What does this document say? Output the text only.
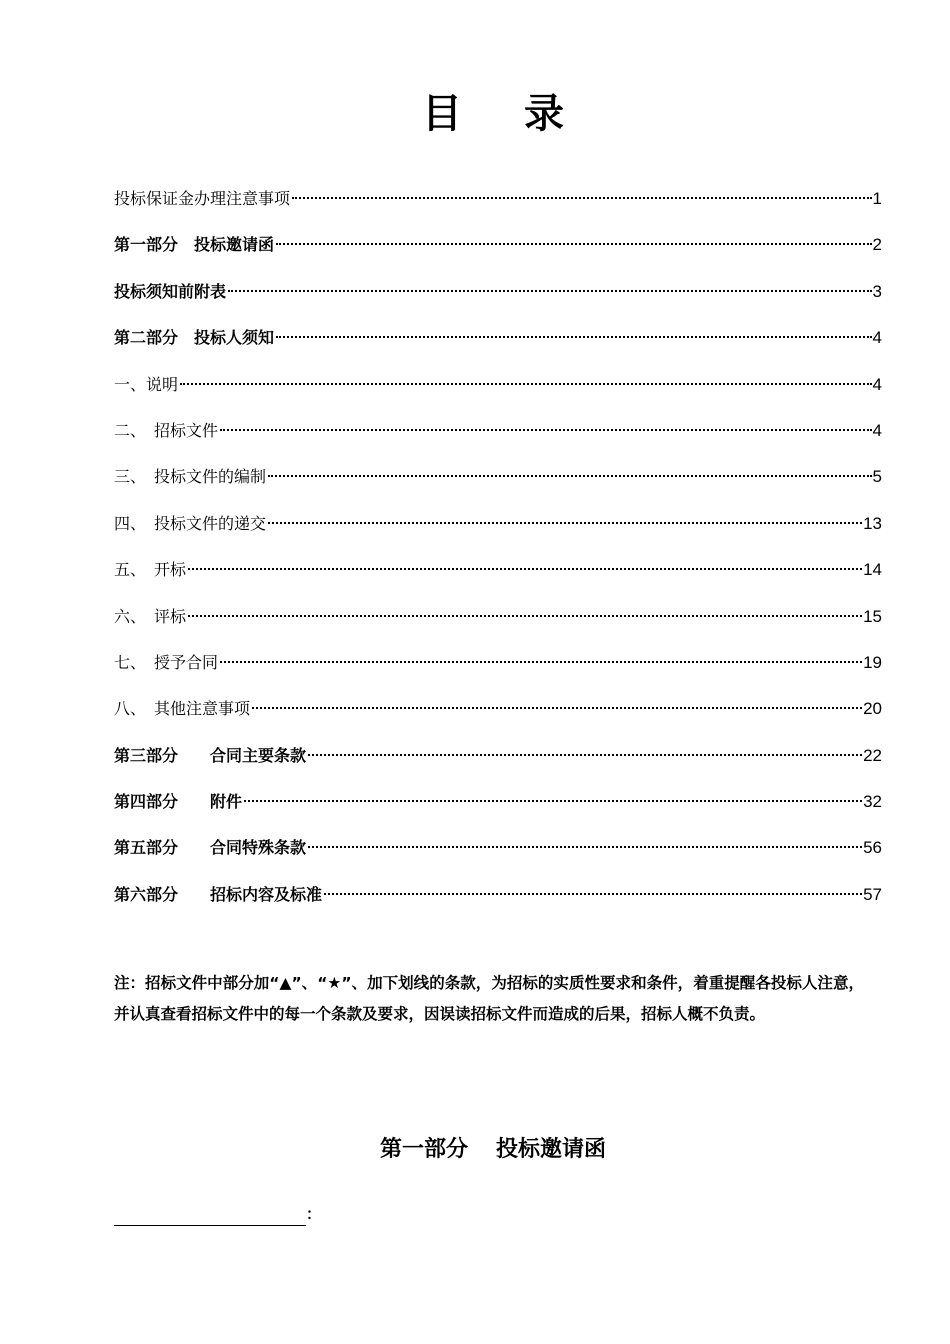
目 录
投标保证金办理注意事项	1
第一部分　投标邀请函	2
投标须知前附表	3
第二部分　投标人须知	4
一、说明	4
二、　招标文件	4
三、　投标文件的编制	5
四、　投标文件的递交	13
五、　开标	14
六、　评标	15
七、　授予合同	19
八、　其他注意事项	20
第三部分　　合同主要条款	22
第四部分　　附件	32
第五部分　　合同特殊条款	56
第六部分　　招标内容及标准	57
注：招标文件中部分加“▲”、“★”、加下划线的条款，为招标的实质性要求和条件，着重提醒各投标人注意，并认真查看招标文件中的每一个条款及要求，因误读招标文件而造成的后果，招标人概不负责。
第一部分 投标邀请函
：
